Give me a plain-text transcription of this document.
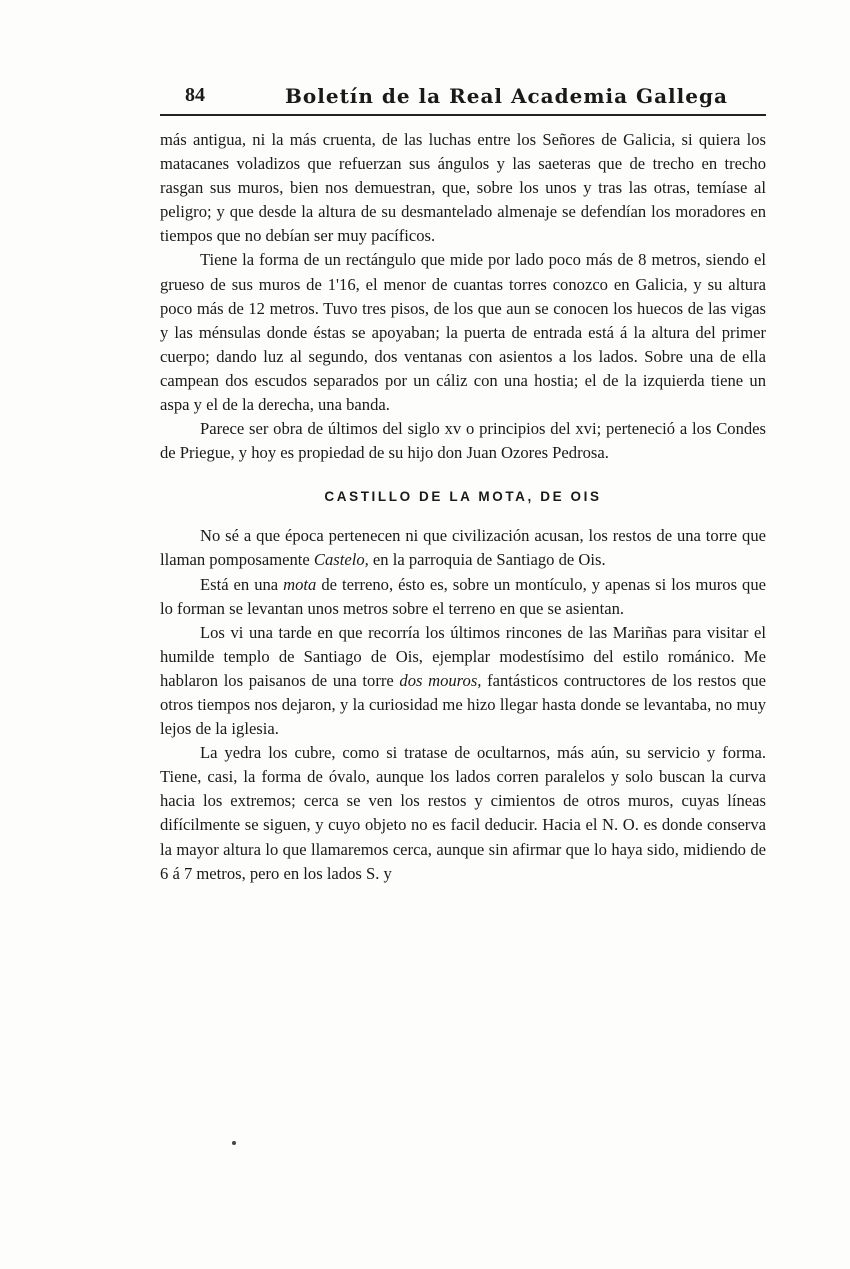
84	Boletín de la Real Academia Gallega

más antigua, ni la más cruenta, de las luchas entre los Señores de Galicia, si quiera los matacanes voladizos que refuerzan sus ángulos y las saeteras que de trecho en trecho rasgan sus muros, bien nos demuestran, que, sobre los unos y tras las otras, temíase al peligro; y que desde la altura de su desmantelado almenaje se defendían los moradores en tiempos que no debían ser muy pacíficos.

Tiene la forma de un rectángulo que mide por lado poco más de 8 metros, siendo el grueso de sus muros de 1'16, el menor de cuantas torres conozco en Galicia, y su altura poco más de 12 metros. Tuvo tres pisos, de los que aun se conocen los huecos de las vigas y las ménsulas donde éstas se apoyaban; la puerta de entrada está á la altura del primer cuerpo; dando luz al segundo, dos ventanas con asientos a los lados. Sobre una de ella campean dos escudos separados por un cáliz con una hostia; el de la izquierda tiene un aspa y el de la derecha, una banda.

Parece ser obra de últimos del siglo xv o principios del xvi; perteneció a los Condes de Priegue, y hoy es propiedad de su hijo don Juan Ozores Pedrosa.

CASTILLO DE LA MOTA, DE OIS

No sé a que época pertenecen ni que civilización acusan, los restos de una torre que llaman pomposamente Castelo, en la parroquia de Santiago de Ois.

Está en una mota de terreno, ésto es, sobre un montículo, y apenas si los muros que lo forman se levantan unos metros sobre el terreno en que se asientan.

Los vi una tarde en que recorría los últimos rincones de las Mariñas para visitar el humilde templo de Santiago de Ois, ejemplar modestísimo del estilo románico. Me hablaron los paisanos de una torre dos mouros, fantásticos contructores de los restos que otros tiempos nos dejaron, y la curiosidad me hizo llegar hasta donde se levantaba, no muy lejos de la iglesia.

La yedra los cubre, como si tratase de ocultarnos, más aún, su servicio y forma. Tiene, casi, la forma de óvalo, aunque los lados corren paralelos y solo buscan la curva hacia los extremos; cerca se ven los restos y cimientos de otros muros, cuyas líneas difícilmente se siguen, y cuyo objeto no es facil deducir. Hacia el N. O. es donde conserva la mayor altura lo que llamaremos cerca, aunque sin afirmar que lo haya sido, midiendo de 6 á 7 metros, pero en los lados S. y
